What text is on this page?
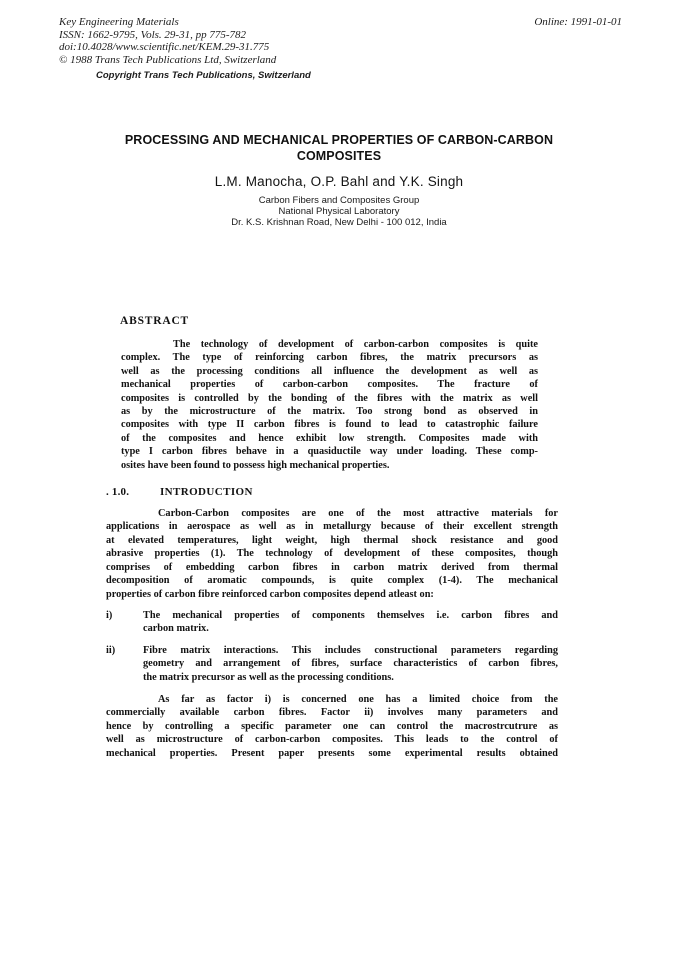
Key Engineering Materials
ISSN: 1662-9795, Vols. 29-31, pp 775-782
doi:10.4028/www.scientific.net/KEM.29-31.775
© 1988 Trans Tech Publications Ltd, Switzerland
Online: 1991-01-01
Copyright Trans Tech Publications, Switzerland
PROCESSING AND MECHANICAL PROPERTIES OF CARBON-CARBON COMPOSITES
L.M. Manocha, O.P. Bahl and Y.K. Singh
Carbon Fibers and Composites Group
National Physical Laboratory
Dr. K.S. Krishnan Road, New Delhi - 100 012, India
ABSTRACT
The technology of development of carbon-carbon composites is quite
complex. The type of reinforcing carbon fibres, the matrix precursors as
well as the processing conditions all influence the development as well as
mechanical properties of carbon-carbon composites. The fracture of
composites is controlled by the bonding of the fibres with the matrix as well
as by the microstructure of the matrix. Too strong bond as observed in
composites with type II carbon fibres is found to lead to catastrophic failure
of the composites and hence exhibit low strength. Composites made with
type I carbon fibres behave in a quasiductile way under loading. These comp-
osites have been found to possess high mechanical properties.
. 1.0.	INTRODUCTION
Carbon-Carbon composites are one of the most attractive materials for
applications in aerospace as well as in metallurgy because of their excellent strength
at elevated temperatures, light weight, high thermal shock resistance and good
abrasive properties (1). The technology of development of these composites, though
comprises of embedding carbon fibres in carbon matrix derived from thermal
decomposition of aromatic compounds, is quite complex (1-4). The mechanical
properties of carbon fibre reinforced carbon composites depend atleast on:
i)	The mechanical properties of components themselves i.e. carbon fibres and
carbon matrix.
ii)	Fibre matrix interactions. This includes constructional parameters regarding
geometry and arrangement of fibres, surface characteristics of carbon fibres,
the matrix precursor as well as the processing conditions.
As far as factor i) is concerned one has a limited choice from the
commercially available carbon fibres. Factor ii) involves many parameters and
hence by controlling a specific parameter one can control the macrostrcutrure as
well as microstructure of carbon-carbon composites. This leads to the control of
mechanical properties. Present paper presents some experimental results obtained
